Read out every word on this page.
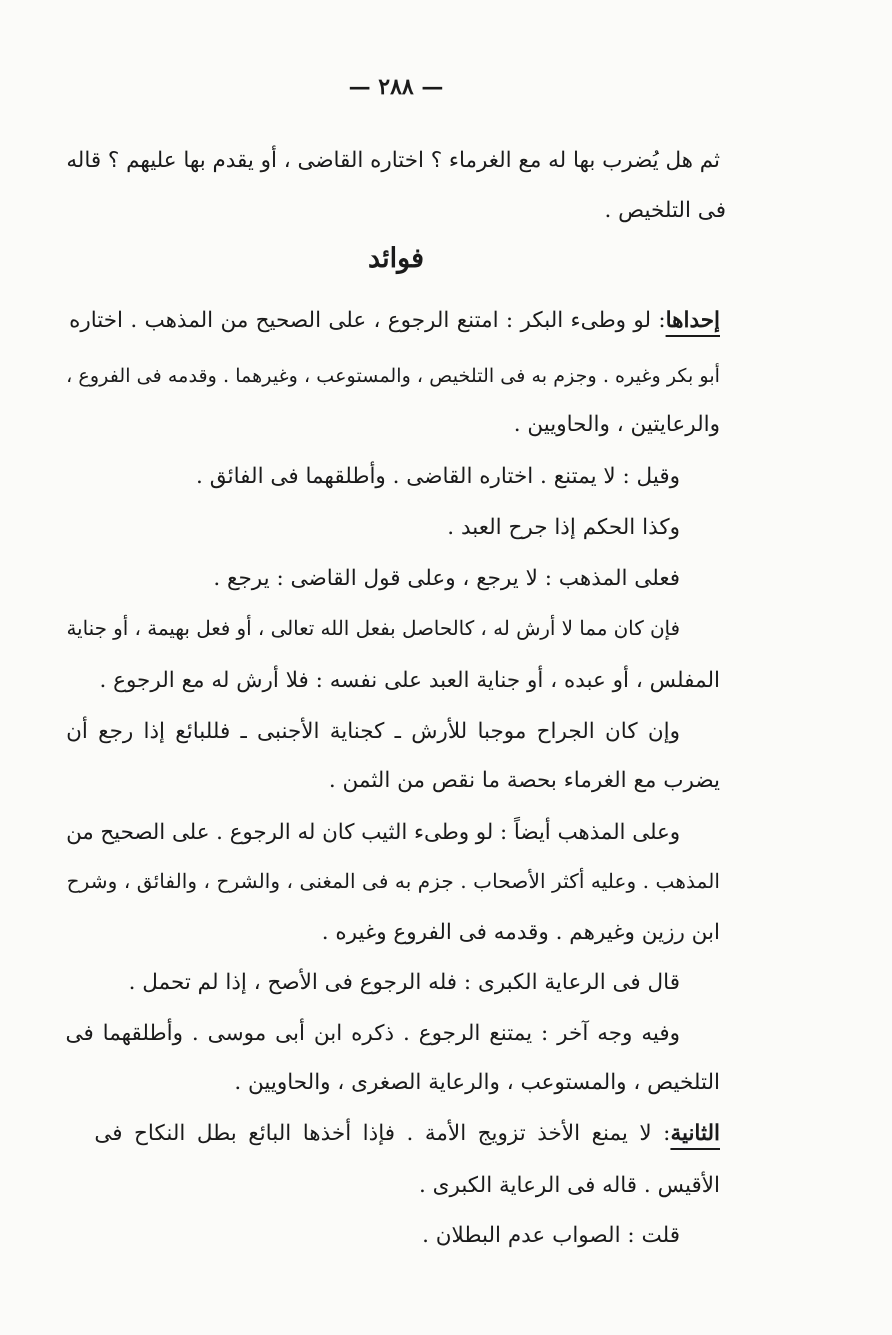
— ٢٨٨ —
ثم هل يُضرب بها له مع الغرماء ؟ اختاره القاضى ، أو يقدم بها عليهم ؟ قاله
فى التلخيص .
فوائد
إحداها: لو وطىء البكر : امتنع الرجوع ، على الصحيح من المذهب . اختاره
أبو بكر وغيره . وجزم به فى التلخيص ، والمستوعب ، وغيرهما . وقدمه فى الفروع ،
والرعايتين ، والحاويين .
وقيل : لا يمتنع . اختاره القاضى . وأطلقهما فى الفائق .
وكذا الحكم إذا جرح العبد .
فعلى المذهب : لا يرجع ، وعلى قول القاضى : يرجع .
فإن كان مما لا أرش له ، كالحاصل بفعل الله تعالى ، أو فعل بهيمة ، أو جناية
المفلس ، أو عبده ، أو جناية العبد على نفسه : فلا أرش له مع الرجوع .
وإن كان الجراح موجبا للأرش ـ كجناية الأجنبى ـ فللبائع إذا رجع أن
يضرب مع الغرماء بحصة ما نقص من الثمن .
وعلى المذهب أيضاً : لو وطىء الثيب كان له الرجوع . على الصحيح من
المذهب . وعليه أكثر الأصحاب . جزم به فى المغنى ، والشرح ، والفائق ، وشرح
ابن رزين وغيرهم . وقدمه فى الفروع وغيره .
قال فى الرعاية الكبرى : فله الرجوع فى الأصح ، إذا لم تحمل .
وفيه وجه آخر : يمتنع الرجوع . ذكره ابن أبى موسى . وأطلقهما فى
التلخيص ، والمستوعب ، والرعاية الصغرى ، والحاويين .
الثانية: لا يمنع الأخذ تزويج الأمة . فإذا أخذها البائع بطل النكاح فى
الأقيس . قاله فى الرعاية الكبرى .
قلت : الصواب عدم البطلان .
